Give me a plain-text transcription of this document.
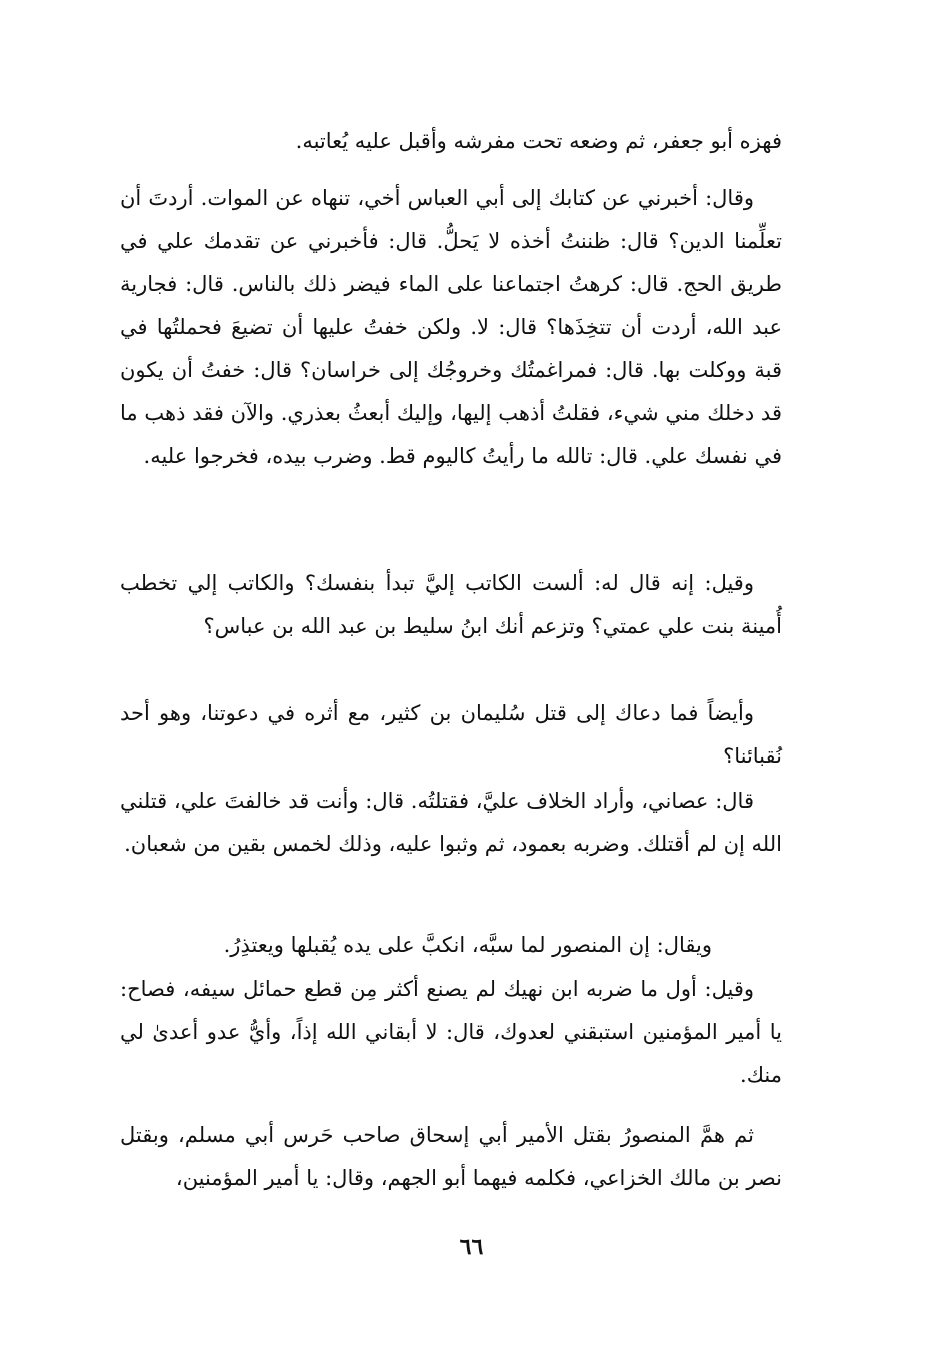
فهزه أبو جعفر، ثم وضعه تحت مفرشه وأقبل عليه يُعاتبه.

وقال: أخبرني عن كتابك إلى أبي العباس أخي، تنهاه عن الموات. أردتَ أن تعلِّمنا الدين؟ قال: ظننتُ أخذه لا يَحلُّ. قال: فأخبرني عن تقدمك علي في طريق الحج. قال: كرهتُ اجتماعنا على الماء فيضر ذلك بالناس. قال: فجارية عبد الله، أردت أن تتخِذَها؟ قال: لا. ولكن خفتُ عليها أن تضيعَ فحملتُها في قبة ووكلت بها. قال: فمراغمتُك وخروجُك إلى خراسان؟ قال: خفتُ أن يكون قد دخلك مني شيء، فقلتُ أذهب إليها، وإليك أبعثُ بعذري. والآن فقد ذهب ما في نفسك علي. قال: تالله ما رأيتُ كاليوم قط. وضرب بيده، فخرجوا عليه.

وقيل: إنه قال له: ألست الكاتب إليَّ تبدأ بنفسك؟ والكاتب إلي تخطب أُمينة بنت علي عمتي؟ وتزعم أنك ابنُ سليط بن عبد الله بن عباس؟

وأيضاً فما دعاك إلى قتل سُليمان بن كثير، مع أثره في دعوتنا، وهو أحد نُقبائنا؟

قال: عصاني، وأراد الخلاف عليَّ، فقتلتُه. قال: وأنت قد خالفتَ علي، قتلني الله إن لم أقتلك. وضربه بعمود، ثم وثبوا عليه، وذلك لخمس بقين من شعبان.

ويقال: إن المنصور لما سبَّه، انكبَّ على يده يُقبلها ويعتذِرُ.

وقيل: أول ما ضربه ابن نهيك لم يصنع أكثر مِن قطع حمائل سيفه، فصاح: يا أمير المؤمنين استبقني لعدوك، قال: لا أبقاني الله إذاً، وأيُّ عدو أعدىٰ لي منك.

ثم همَّ المنصورُ بقتل الأمير أبي إسحاق صاحب حَرس أبي مسلم، وبقتل نصر بن مالك الخزاعي، فكلمه فيهما أبو الجهم، وقال: يا أمير المؤمنين،

٦٦
